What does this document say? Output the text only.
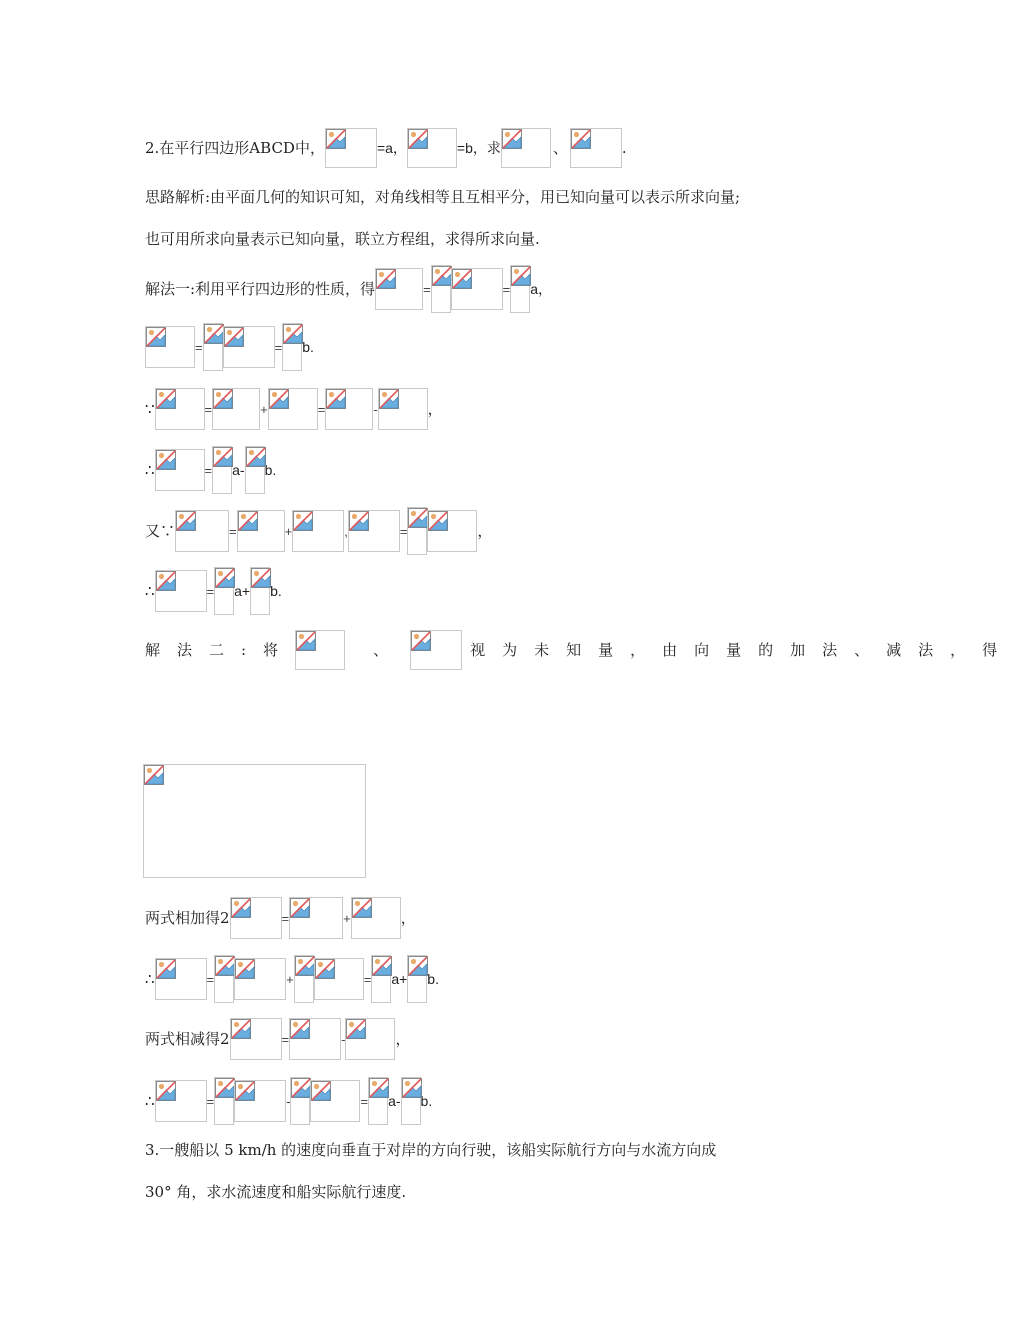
2.在平行四边形ABCD中，	=a，	=b，求	、	.
思路解析:由平面几何的知识可知，对角线相等且互相平分，用已知向量可以表示所求向量;
也可用所求向量表示已知向量，联立方程组，求得所求向量.
解法一:利用平行四边形的性质，得	=	= a，
=	= b.
∵	=	+	=	-	，
∴	= a- b.
又∵	=	+	,	=	，
∴	= a+ b.
解法二:将	、	视为未知量，由向量的加法、减法，得
两式相加得2	=	+	，
∴	=	+	= a+ b.
两式相减得2	=	-	，
∴	=	-	= a- b.
3.一艘船以 5 km/h 的速度向垂直于对岸的方向行驶，该船实际航行方向与水流方向成
30° 角，求水流速度和船实际航行速度.
